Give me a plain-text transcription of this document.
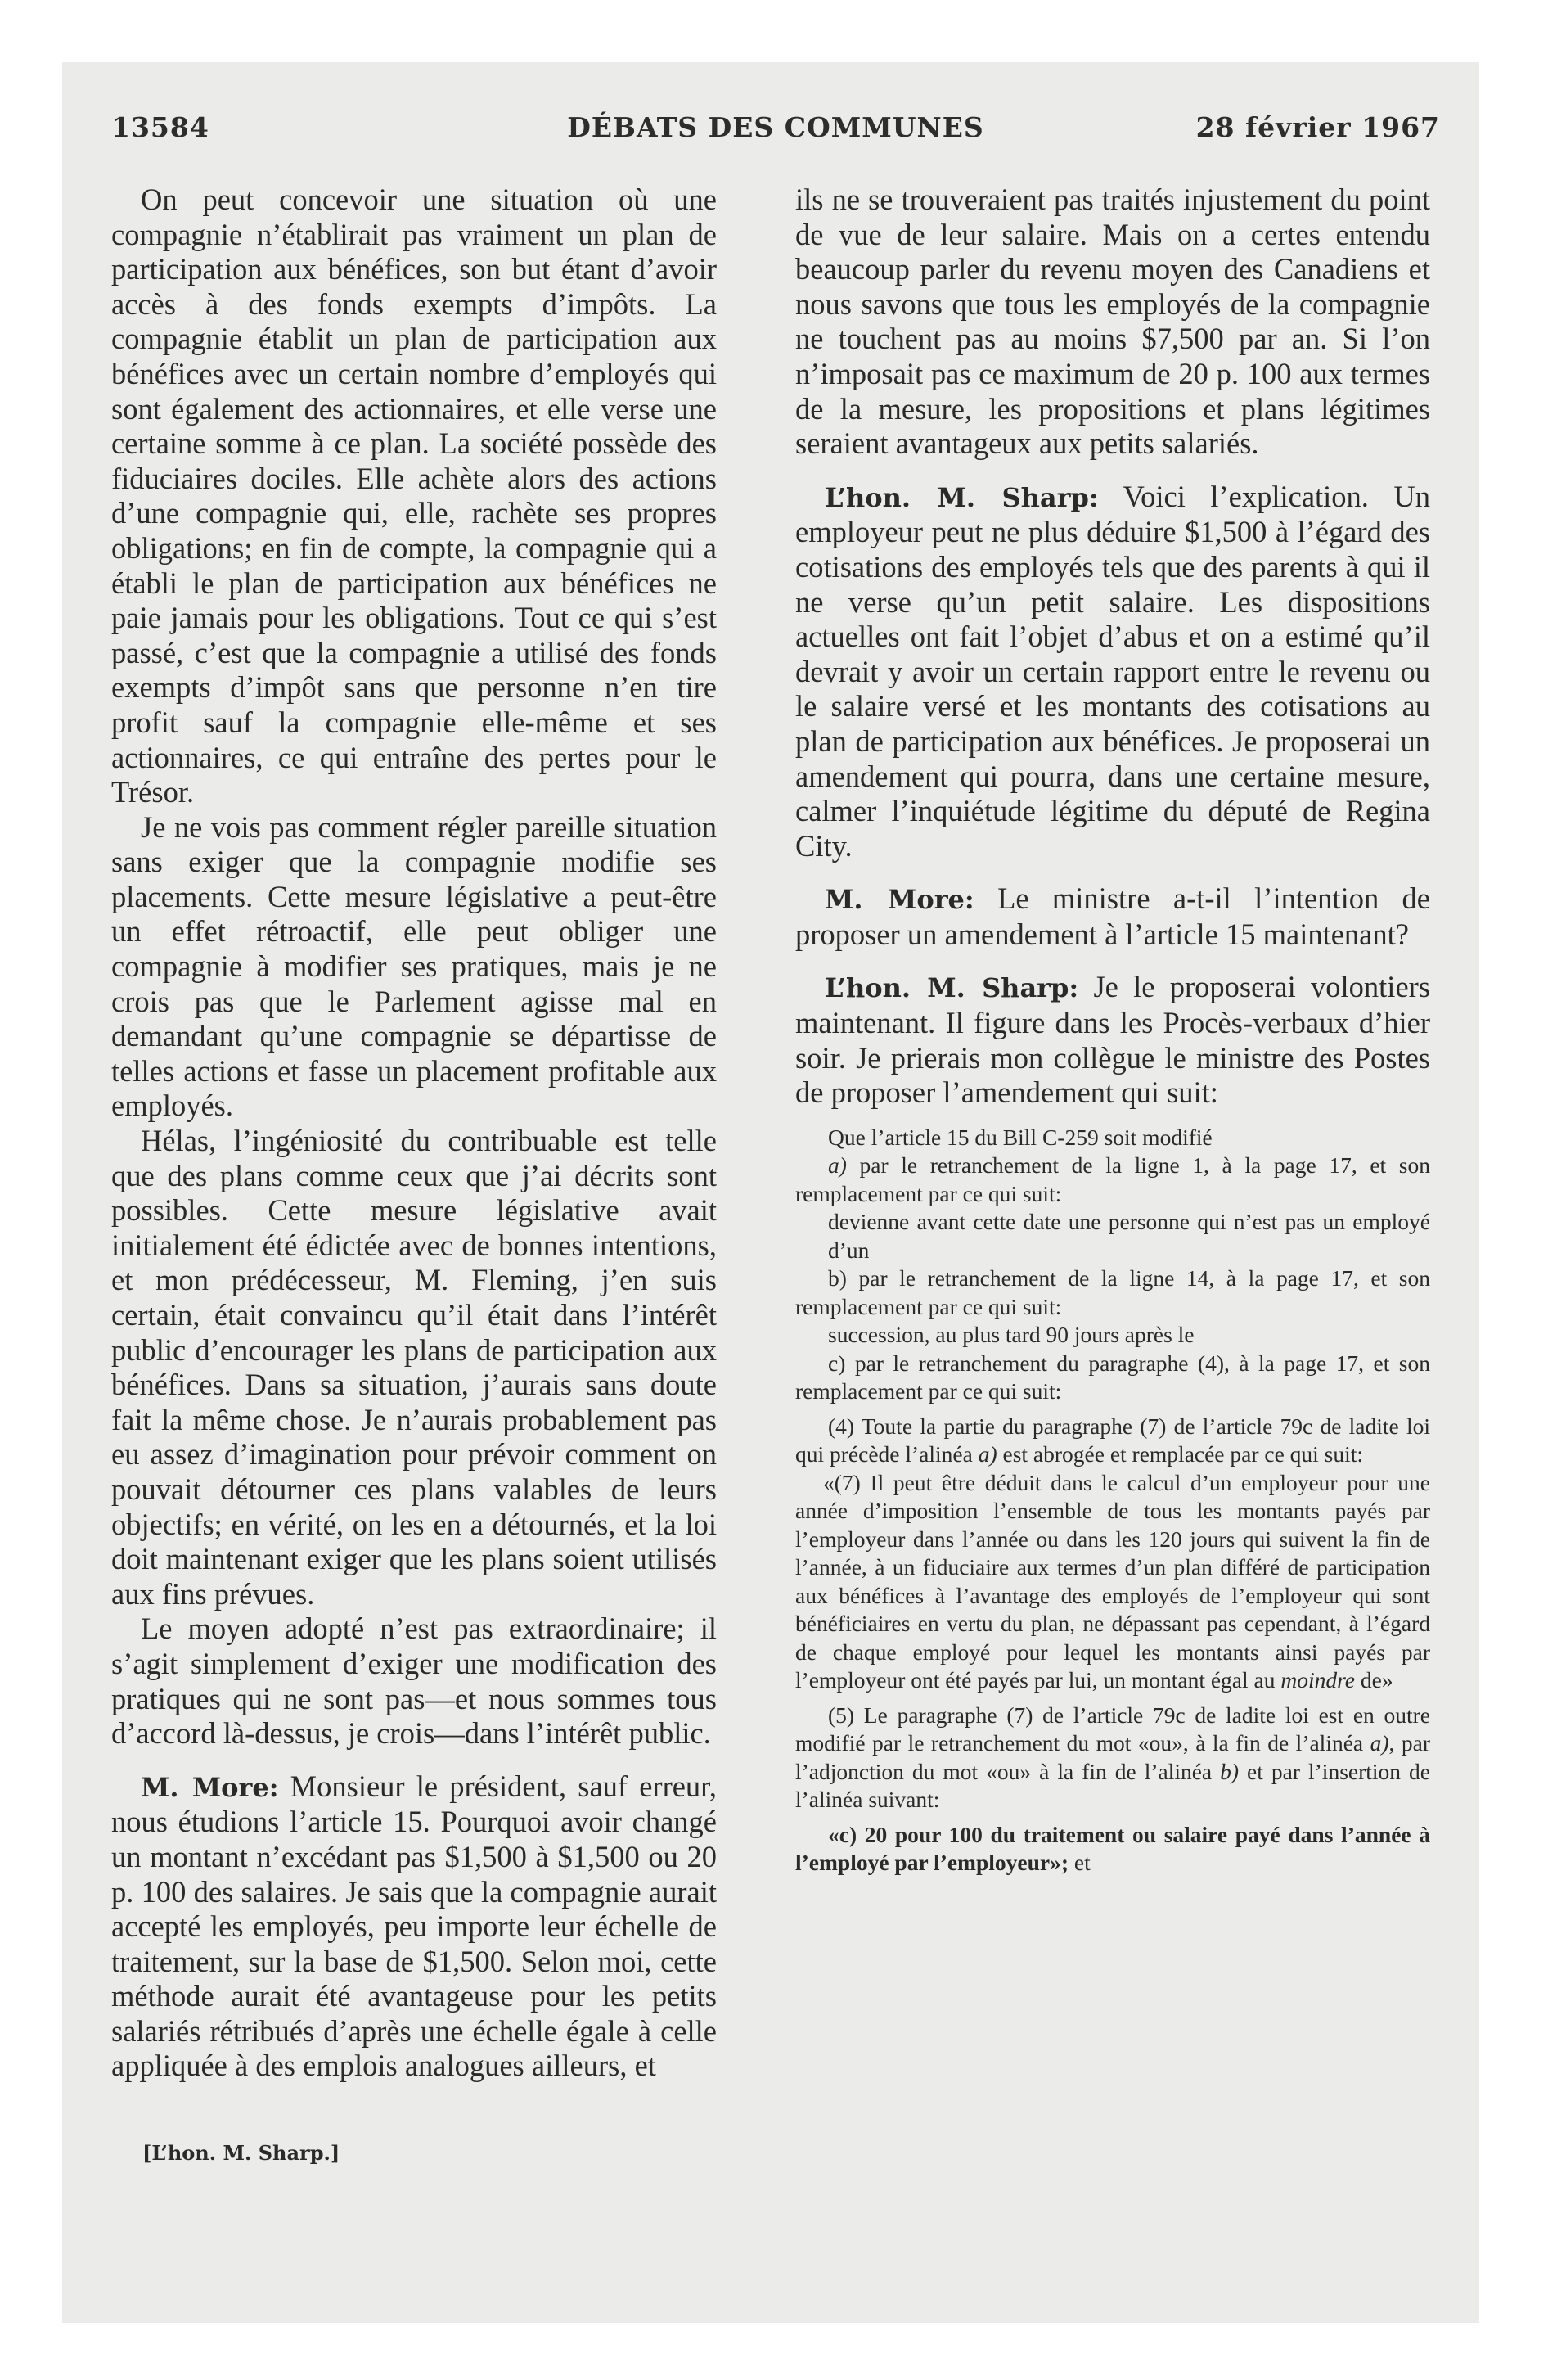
13584	DÉBATS DES COMMUNES	28 février 1967

On peut concevoir une situation où une compagnie n’établirait pas vraiment un plan de participation aux bénéfices, son but étant d’avoir accès à des fonds exempts d’impôts. La compagnie établit un plan de participation aux bénéfices avec un certain nombre d’employés qui sont également des actionnaires, et elle verse une certaine somme à ce plan. La société possède des fiduciaires dociles. Elle achète alors des actions d’une compagnie qui, elle, rachète ses propres obligations; en fin de compte, la compagnie qui a établi le plan de participation aux bénéfices ne paie jamais pour les obligations. Tout ce qui s’est passé, c’est que la compagnie a utilisé des fonds exempts d’impôt sans que personne n’en tire profit sauf la compagnie elle-même et ses actionnaires, ce qui entraîne des pertes pour le Trésor.

Je ne vois pas comment régler pareille situation sans exiger que la compagnie modifie ses placements. Cette mesure législative a peut-être un effet rétroactif, elle peut obliger une compagnie à modifier ses pratiques, mais je ne crois pas que le Parlement agisse mal en demandant qu’une compagnie se départisse de telles actions et fasse un placement profitable aux employés.

Hélas, l’ingéniosité du contribuable est telle que des plans comme ceux que j’ai décrits sont possibles. Cette mesure législative avait initialement été édictée avec de bonnes intentions, et mon prédécesseur, M. Fleming, j’en suis certain, était convaincu qu’il était dans l’intérêt public d’encourager les plans de participation aux bénéfices. Dans sa situation, j’aurais sans doute fait la même chose. Je n’aurais probablement pas eu assez d’imagination pour prévoir comment on pouvait détourner ces plans valables de leurs objectifs; en vérité, on les en a détournés, et la loi doit maintenant exiger que les plans soient utilisés aux fins prévues.

Le moyen adopté n’est pas extraordinaire; il s’agit simplement d’exiger une modification des pratiques qui ne sont pas—et nous sommes tous d’accord là-dessus, je crois—dans l’intérêt public.

M. More: Monsieur le président, sauf erreur, nous étudions l’article 15. Pourquoi avoir changé un montant n’excédant pas $1,500 à $1,500 ou 20 p. 100 des salaires. Je sais que la compagnie aurait accepté les employés, peu importe leur échelle de traitement, sur la base de $1,500. Selon moi, cette méthode aurait été avantageuse pour les petits salariés rétribués d’après une échelle égale à celle appliquée à des emplois analogues ailleurs, et

ils ne se trouveraient pas traités injustement du point de vue de leur salaire. Mais on a certes entendu beaucoup parler du revenu moyen des Canadiens et nous savons que tous les employés de la compagnie ne touchent pas au moins $7,500 par an. Si l’on n’imposait pas ce maximum de 20 p. 100 aux termes de la mesure, les propositions et plans légitimes seraient avantageux aux petits salariés.

L’hon. M. Sharp: Voici l’explication. Un employeur peut ne plus déduire $1,500 à l’égard des cotisations des employés tels que des parents à qui il ne verse qu’un petit salaire. Les dispositions actuelles ont fait l’objet d’abus et on a estimé qu’il devrait y avoir un certain rapport entre le revenu ou le salaire versé et les montants des cotisations au plan de participation aux bénéfices. Je proposerai un amendement qui pourra, dans une certaine mesure, calmer l’inquiétude légitime du député de Regina City.

M. More: Le ministre a-t-il l’intention de proposer un amendement à l’article 15 maintenant?

L’hon. M. Sharp: Je le proposerai volontiers maintenant. Il figure dans les Procès-verbaux d’hier soir. Je prierais mon collègue le ministre des Postes de proposer l’amendement qui suit:

Que l’article 15 du Bill C-259 soit modifié

a) par le retranchement de la ligne 1, à la page 17, et son remplacement par ce qui suit:

devienne avant cette date une personne qui n’est pas un employé d’un

b) par le retranchement de la ligne 14, à la page 17, et son remplacement par ce qui suit:

succession, au plus tard 90 jours après le

c) par le retranchement du paragraphe (4), à la page 17, et son remplacement par ce qui suit:

(4) Toute la partie du paragraphe (7) de l’article 79c de ladite loi qui précède l’alinéa a) est abrogée et remplacée par ce qui suit:

«(7) Il peut être déduit dans le calcul d’un employeur pour une année d’imposition l’ensemble de tous les montants payés par l’employeur dans l’année ou dans les 120 jours qui suivent la fin de l’année, à un fiduciaire aux termes d’un plan différé de participation aux bénéfices à l’avantage des employés de l’employeur qui sont bénéficiaires en vertu du plan, ne dépassant pas cependant, à l’égard de chaque employé pour lequel les montants ainsi payés par l’employeur ont été payés par lui, un montant égal au moindre de»

(5) Le paragraphe (7) de l’article 79c de ladite loi est en outre modifié par le retranchement du mot «ou», à la fin de l’alinéa a), par l’adjonction du mot «ou» à la fin de l’alinéa b) et par l’insertion de l’alinéa suivant:

«c) 20 pour 100 du traitement ou salaire payé dans l’année à l’employé par l’employeur»; et

[L’hon. M. Sharp.]
